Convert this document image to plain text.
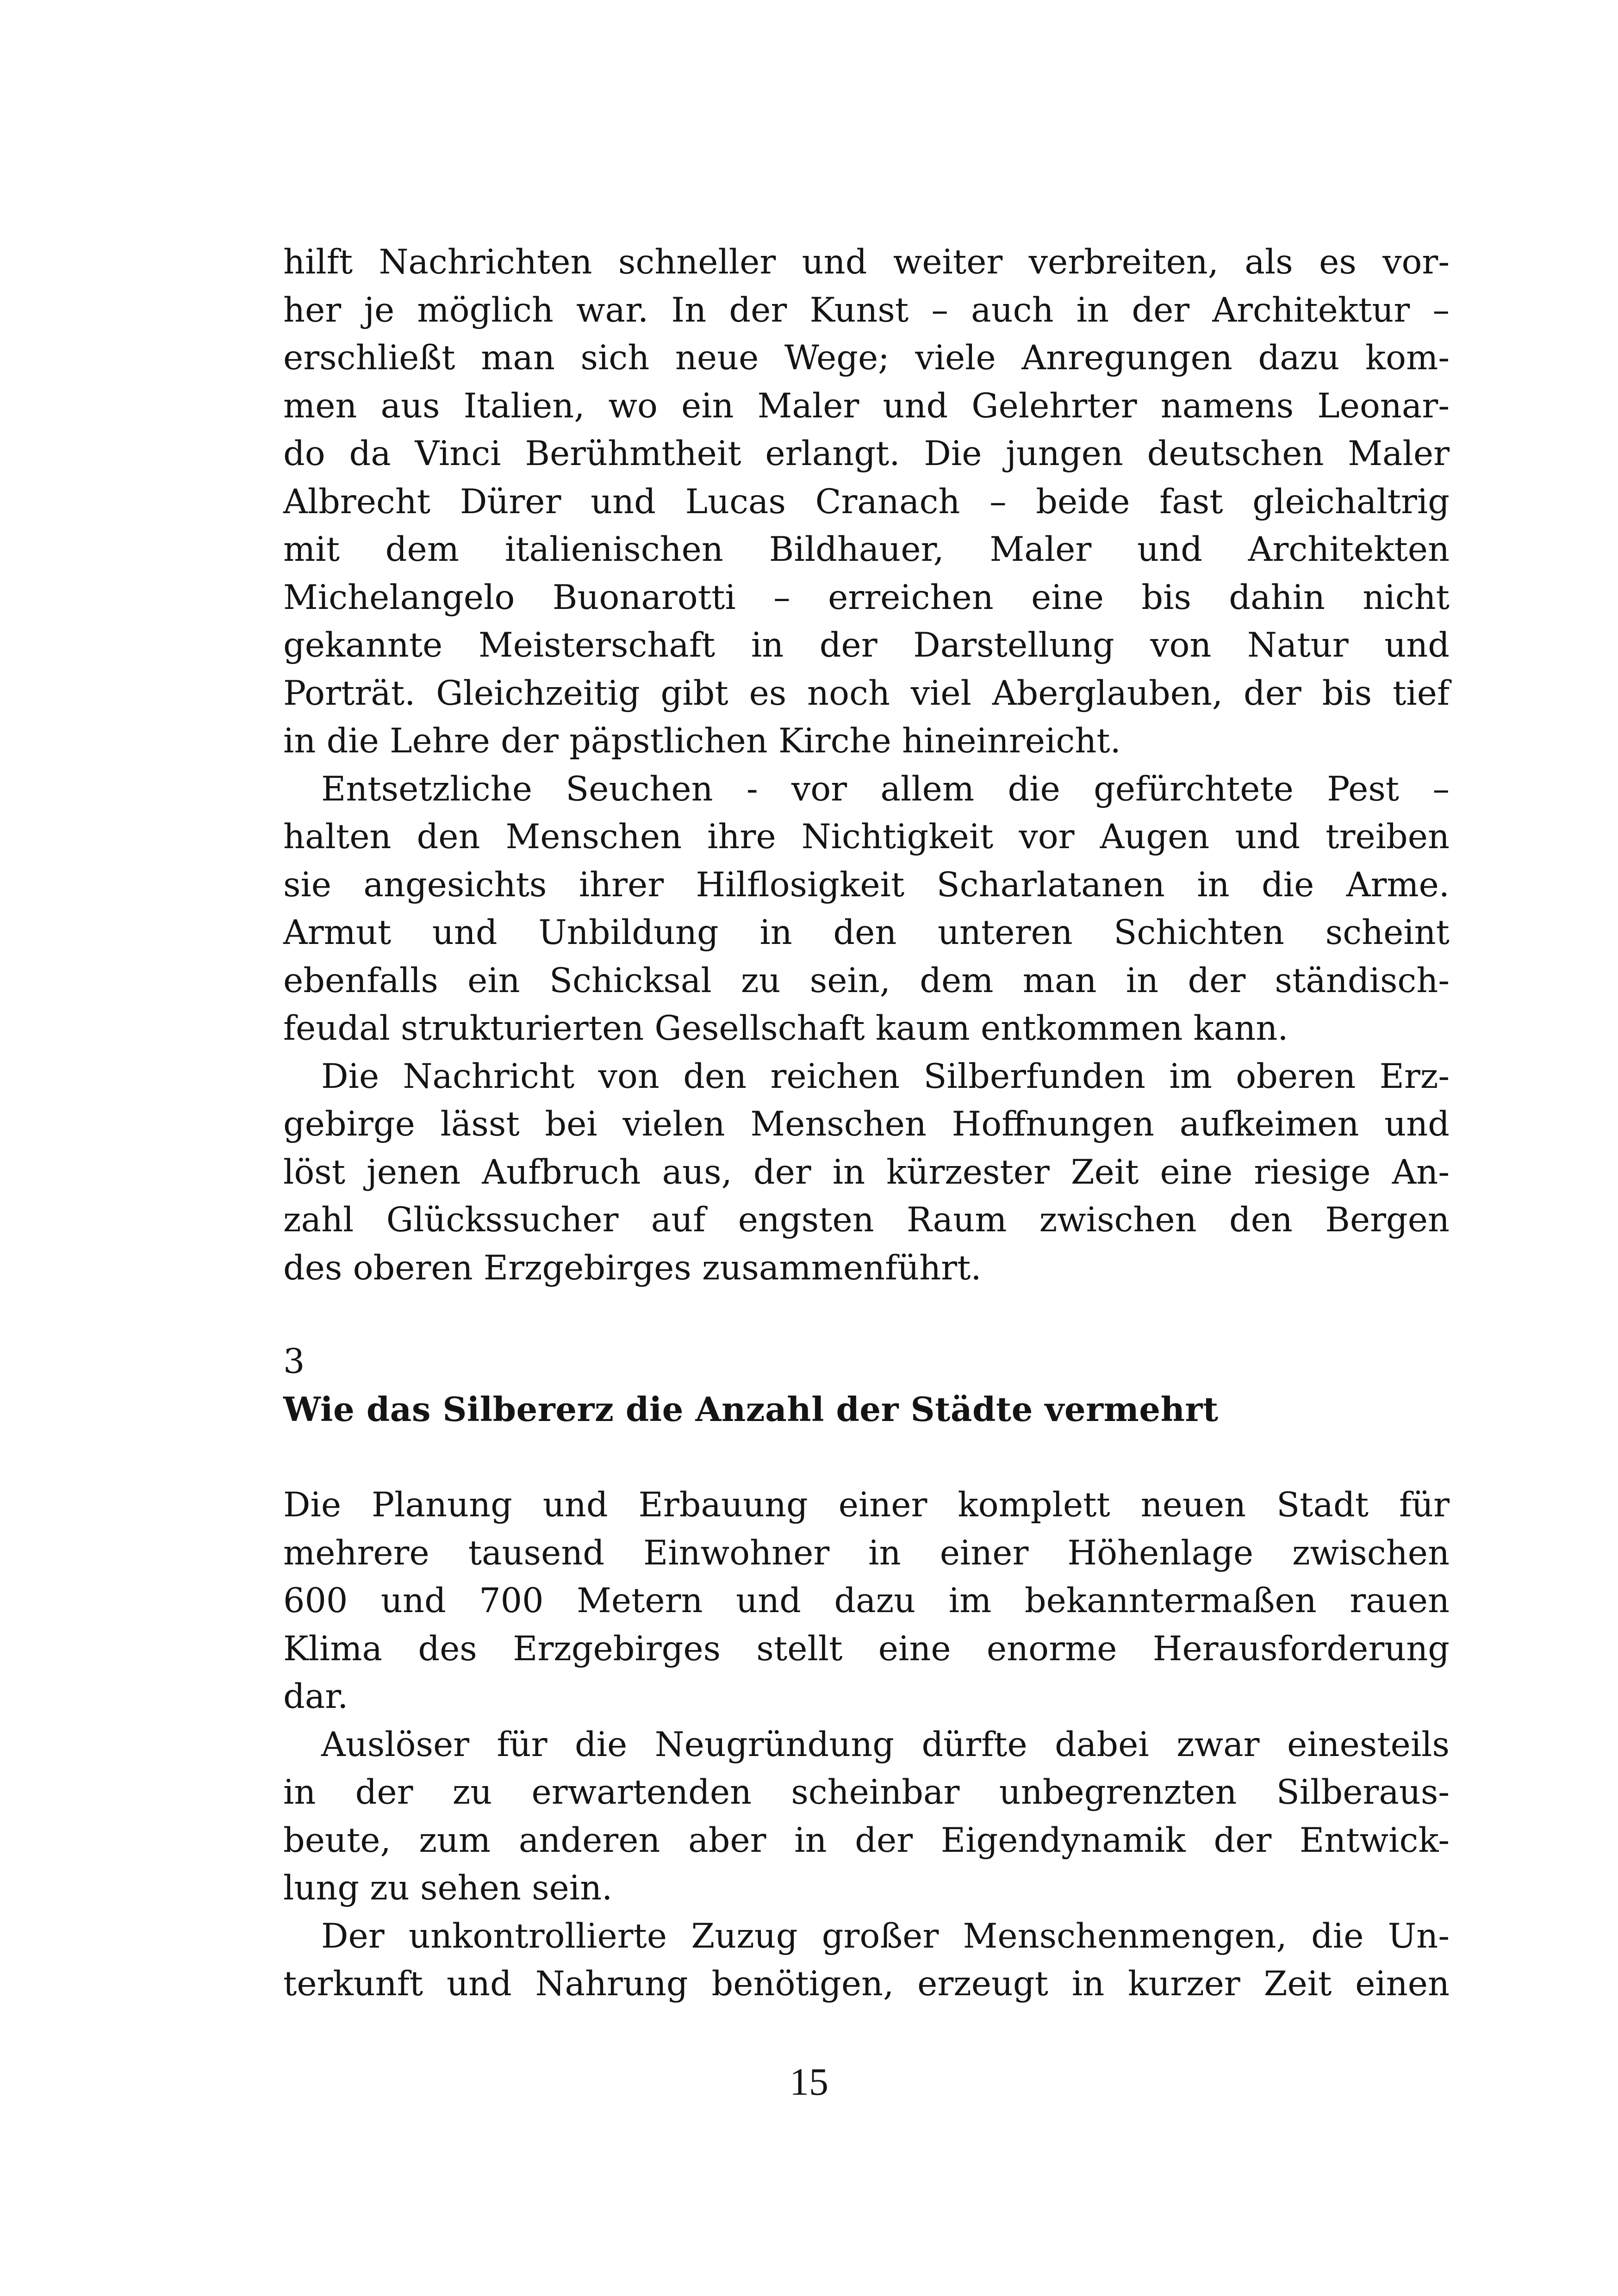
hilft Nachrichten schneller und weiter verbreiten, als es vor-
her je möglich war. In der Kunst – auch in der Architektur –
erschließt man sich neue Wege; viele Anregungen dazu kom-
men aus Italien, wo ein Maler und Gelehrter namens Leonar-
do da Vinci Berühmtheit erlangt. Die jungen deutschen Maler
Albrecht Dürer und Lucas Cranach – beide fast gleichaltrig
mit dem italienischen Bildhauer, Maler und Architekten
Michelangelo Buonarotti – erreichen eine bis dahin nicht
gekannte Meisterschaft in der Darstellung von Natur und
Porträt. Gleichzeitig gibt es noch viel Aberglauben, der bis tief
in die Lehre der päpstlichen Kirche hineinreicht.
Entsetzliche Seuchen - vor allem die gefürchtete Pest –
halten den Menschen ihre Nichtigkeit vor Augen und treiben
sie angesichts ihrer Hilflosigkeit Scharlatanen in die Arme.
Armut und Unbildung in den unteren Schichten scheint
ebenfalls ein Schicksal zu sein, dem man in der ständisch-
feudal strukturierten Gesellschaft kaum entkommen kann.
Die Nachricht von den reichen Silberfunden im oberen Erz-
gebirge lässt bei vielen Menschen Hoffnungen aufkeimen und
löst jenen Aufbruch aus, der in kürzester Zeit eine riesige An-
zahl Glückssucher auf engsten Raum zwischen den Bergen
des oberen Erzgebirges zusammenführt.
3
Wie das Silbererz die Anzahl der Städte vermehrt
Die Planung und Erbauung einer komplett neuen Stadt für
mehrere tausend Einwohner in einer Höhenlage zwischen
600 und 700 Metern und dazu im bekanntermaßen rauen
Klima des Erzgebirges stellt eine enorme Herausforderung
dar.
Auslöser für die Neugründung dürfte dabei zwar einesteils
in der zu erwartenden scheinbar unbegrenzten Silberaus-
beute, zum anderen aber in der Eigendynamik der Entwick-
lung zu sehen sein.
Der unkontrollierte Zuzug großer Menschenmengen, die Un-
terkunft und Nahrung benötigen, erzeugt in kurzer Zeit einen
15
